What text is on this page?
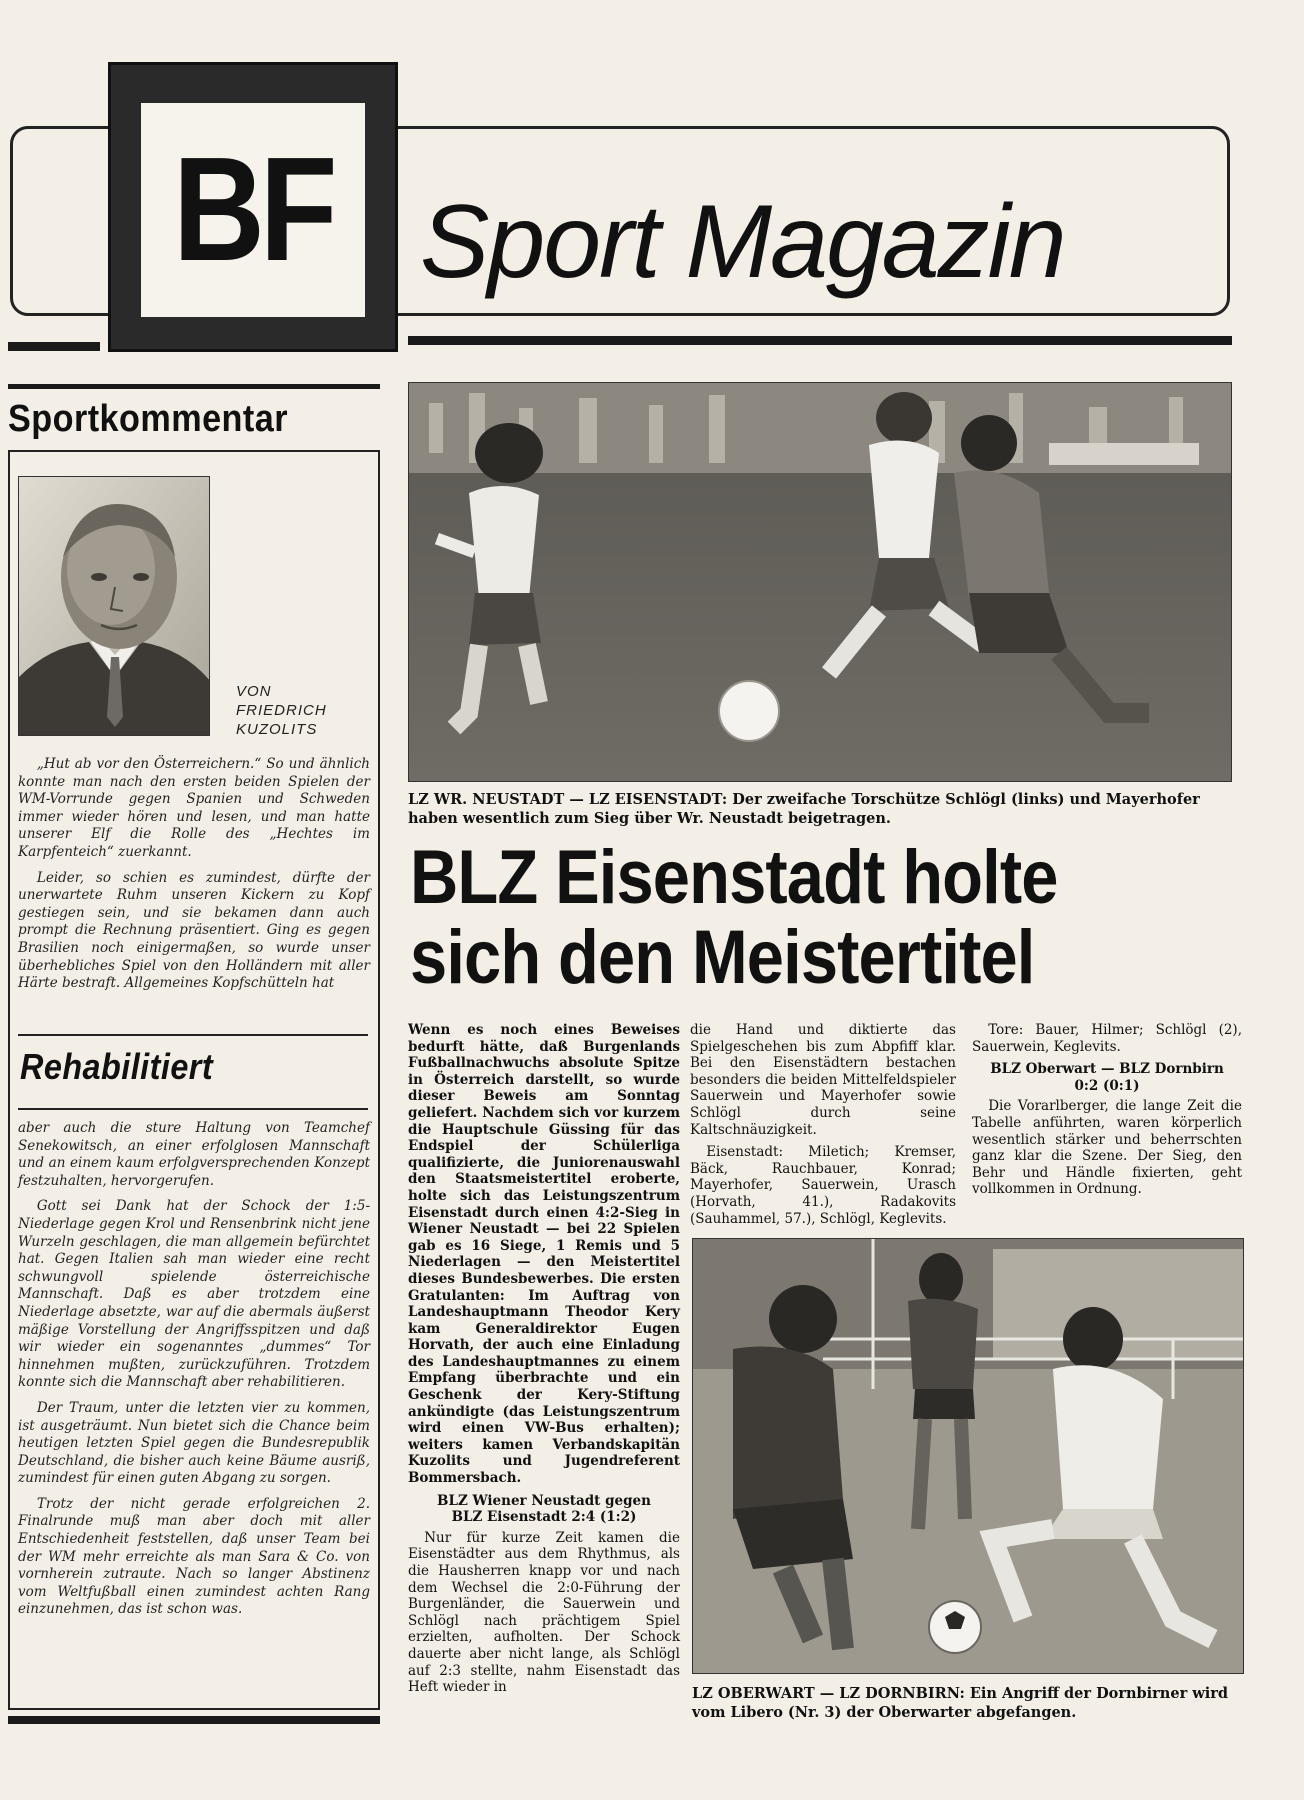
BF Sport Magazin
Sportkommentar
VON
FRIEDRICH
KUZOLITS

„Hut ab vor den Österreichern.“ So und ähnlich konnte man nach den ersten beiden Spielen der WM-Vorrunde gegen Spanien und Schweden immer wieder hören und lesen, und man hatte unserer Elf die Rolle des „Hechtes im Karpfenteich“ zuerkannt.

Leider, so schien es zumindest, dürfte der unerwartete Ruhm unseren Kickern zu Kopf gestiegen sein, und sie bekamen dann auch prompt die Rechnung präsentiert. Ging es gegen Brasilien noch einigermaßen, so wurde unser überhebliches Spiel von den Holländern mit aller Härte bestraft. Allgemeines Kopfschütteln hat

Rehabilitiert

aber auch die sture Haltung von Teamchef Senekowitsch, an einer erfolglosen Mannschaft und an einem kaum erfolgversprechenden Konzept festzuhalten, hervorgerufen.

Gott sei Dank hat der Schock der 1:5-Niederlage gegen Krol und Rensenbrink nicht jene Wurzeln geschlagen, die man allgemein befürchtet hat. Gegen Italien sah man wieder eine recht schwungvoll spielende österreichische Mannschaft. Daß es aber trotzdem eine Niederlage absetzte, war auf die abermals äußerst mäßige Vorstellung der Angriffsspitzen und daß wir wieder ein sogenanntes „dummes“ Tor hinnehmen mußten, zurückzuführen. Trotzdem konnte sich die Mannschaft aber rehabilitieren.

Der Traum, unter die letzten vier zu kommen, ist ausgeträumt. Nun bietet sich die Chance beim heutigen letzten Spiel gegen die Bundesrepublik Deutschland, die bisher auch keine Bäume ausriß, zumindest für einen guten Abgang zu sorgen.

Trotz der nicht gerade erfolgreichen 2. Finalrunde muß man aber doch mit aller Entschiedenheit feststellen, daß unser Team bei der WM mehr erreichte als man Sara & Co. von vornherein zutraute. Nach so langer Abstinenz vom Weltfußball einen zumindest achten Rang einzunehmen, das ist schon was.

LZ WR. NEUSTADT — LZ EISENSTADT: Der zweifache Torschütze Schlögl (links) und Mayerhofer haben wesentlich zum Sieg über Wr. Neustadt beigetragen.
BLZ Eisenstadt holte
sich den Meistertitel

Wenn es noch eines Beweises bedurft hätte, daß Burgenlands Fußballnachwuchs absolute Spitze in Österreich darstellt, so wurde dieser Beweis am Sonntag geliefert. Nachdem sich vor kurzem die Hauptschule Güssing für das Endspiel der Schülerliga qualifizierte, die Juniorenauswahl den Staatsmeistertitel eroberte, holte sich das Leistungszentrum Eisenstadt durch einen 4:2-Sieg in Wiener Neustadt — bei 22 Spielen gab es 16 Siege, 1 Remis und 5 Niederlagen — den Meistertitel dieses Bundesbewerbes. Die ersten Gratulanten: Im Auftrag von Landeshauptmann Theodor Kery kam Generaldirektor Eugen Horvath, der auch eine Einladung des Landeshauptmannes zu einem Empfang überbrachte und ein Geschenk der Kery-Stiftung ankündigte (das Leistungszentrum wird einen VW-Bus erhalten); weiters kamen Verbandskapitän Kuzolits und Jugendreferent Bommersbach.

BLZ Wiener Neustadt gegen
BLZ Eisenstadt 2:4 (1:2)

Nur für kurze Zeit kamen die Eisenstädter aus dem Rhythmus, als die Hausherren knapp vor und nach dem Wechsel die 2:0-Führung der Burgenländer, die Sauerwein und Schlögl nach prächtigem Spiel erzielten, aufholten. Der Schock dauerte aber nicht lange, als Schlögl auf 2:3 stellte, nahm Eisenstadt das Heft wieder in

die Hand und diktierte das Spielgeschehen bis zum Abpfiff klar. Bei den Eisenstädtern bestachen besonders die beiden Mittelfeldspieler Sauerwein und Mayerhofer sowie Schlögl durch seine Kaltschnäuzigkeit.

Eisenstadt: Miletich; Kremser, Bäck, Rauchbauer, Konrad; Mayerhofer, Sauerwein, Urasch (Horvath, 41.), Radakovits (Sauhammel, 57.), Schlögl, Keglevits.

Tore: Bauer, Hilmer; Schlögl (2), Sauerwein, Keglevits.

BLZ Oberwart — BLZ Dornbirn
0:2 (0:1)

Die Vorarlberger, die lange Zeit die Tabelle anführten, waren körperlich wesentlich stärker und beherrschten ganz klar die Szene. Der Sieg, den Behr und Händle fixierten, geht vollkommen in Ordnung.

LZ OBERWART — LZ DORNBIRN: Ein Angriff der Dornbirner wird vom Libero (Nr. 3) der Oberwarter abgefangen.
